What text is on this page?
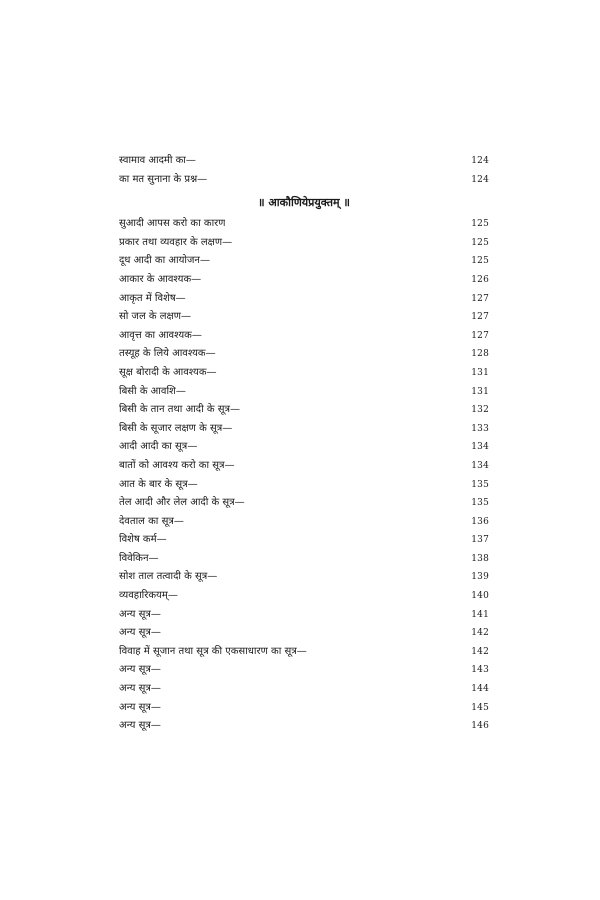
स्वामाव आदमी का—	124
का मत सुनाना के प्रश्न—	124
॥ आकौणियेप्रयुक्तम् ॥
सुआदी आपस करो का कारण	125
प्रकार तथा व्यवहार के लक्षण—	125
दूध आदी का आयोजन—	125
आकार के आवश्यक—	126
आकृत में विशेष—	127
सो जल के लक्षण—	127
आवृत्त का आवश्यक—	127
तस्यूह के लिये आवश्यक—	128
सूक्ष बोरादी के आवश्यक—	131
बिसी के आवशि—	131
बिसी के तान तथा आदी के सूत्र—	132
बिसी के सूजार लक्षण के सूत्र—	133
आदी आदी का सूत्र—	134
बातों को आवश्य करो का सूत्र—	134
आत के बार के सूत्र—	135
तेल आदी और लेल आदी के सूत्र—	135
देवताल का सूत्र—	136
विशेष कर्म—	137
विवेकिन—	138
सोश ताल तत्वादी के सूत्र—	139
व्यवहारिकयम्—	140
अन्य सूत्र—	141
अन्य सूत्र—	142
विवाह में सूजान तथा सूत्र की एकसाधारण का सूत्र—	142
अन्य सूत्र—	143
अन्य सूत्र—	144
अन्य सूत्र—	145
अन्य सूत्र—	146
